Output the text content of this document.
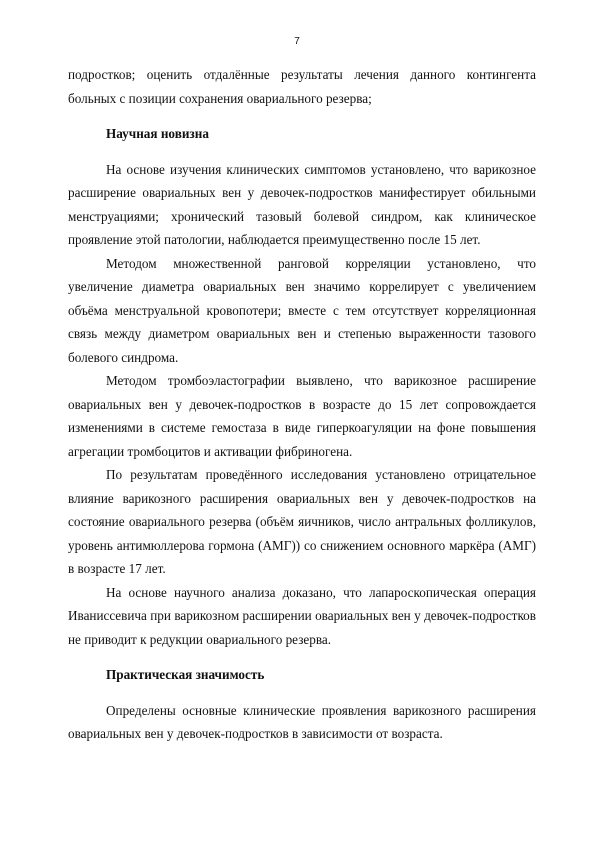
7

подростков; оценить отдалённые результаты лечения данного контингента больных с позиции сохранения овариального резерва;

Научная новизна

На основе изучения клинических симптомов установлено, что варикозное расширение овариальных вен у девочек-подростков манифестирует обильными менструациями; хронический тазовый болевой синдром, как клиническое проявление этой патологии, наблюдается преимущественно после 15 лет.

Методом множественной ранговой корреляции установлено, что увеличение диаметра овариальных вен значимо коррелирует с увеличением объёма менструальной кровопотери; вместе с тем отсутствует корреляционная связь между диаметром овариальных вен и степенью выраженности тазового болевого синдрома.

Методом тромбоэластографии выявлено, что варикозное расширение овариальных вен у девочек-подростков в возрасте до 15 лет сопровождается изменениями в системе гемостаза в виде гиперкоагуляции на фоне повышения агрегации тромбоцитов и активации фибриногена.

По результатам проведённого исследования установлено отрицательное влияние варикозного расширения овариальных вен у девочек-подростков на состояние овариального резерва (объём яичников, число антральных фолликулов, уровень антимюллерова гормона (АМГ)) со снижением основного маркёра (АМГ) в возрасте 17 лет.

На основе научного анализа доказано, что лапароскопическая операция Иванисcевича при варикозном расширении овариальных вен у девочек-подростков не приводит к редукции овариального резерва.

Практическая значимость

Определены основные клинические проявления варикозного расширения овариальных вен у девочек-подростков в зависимости от возраста.
